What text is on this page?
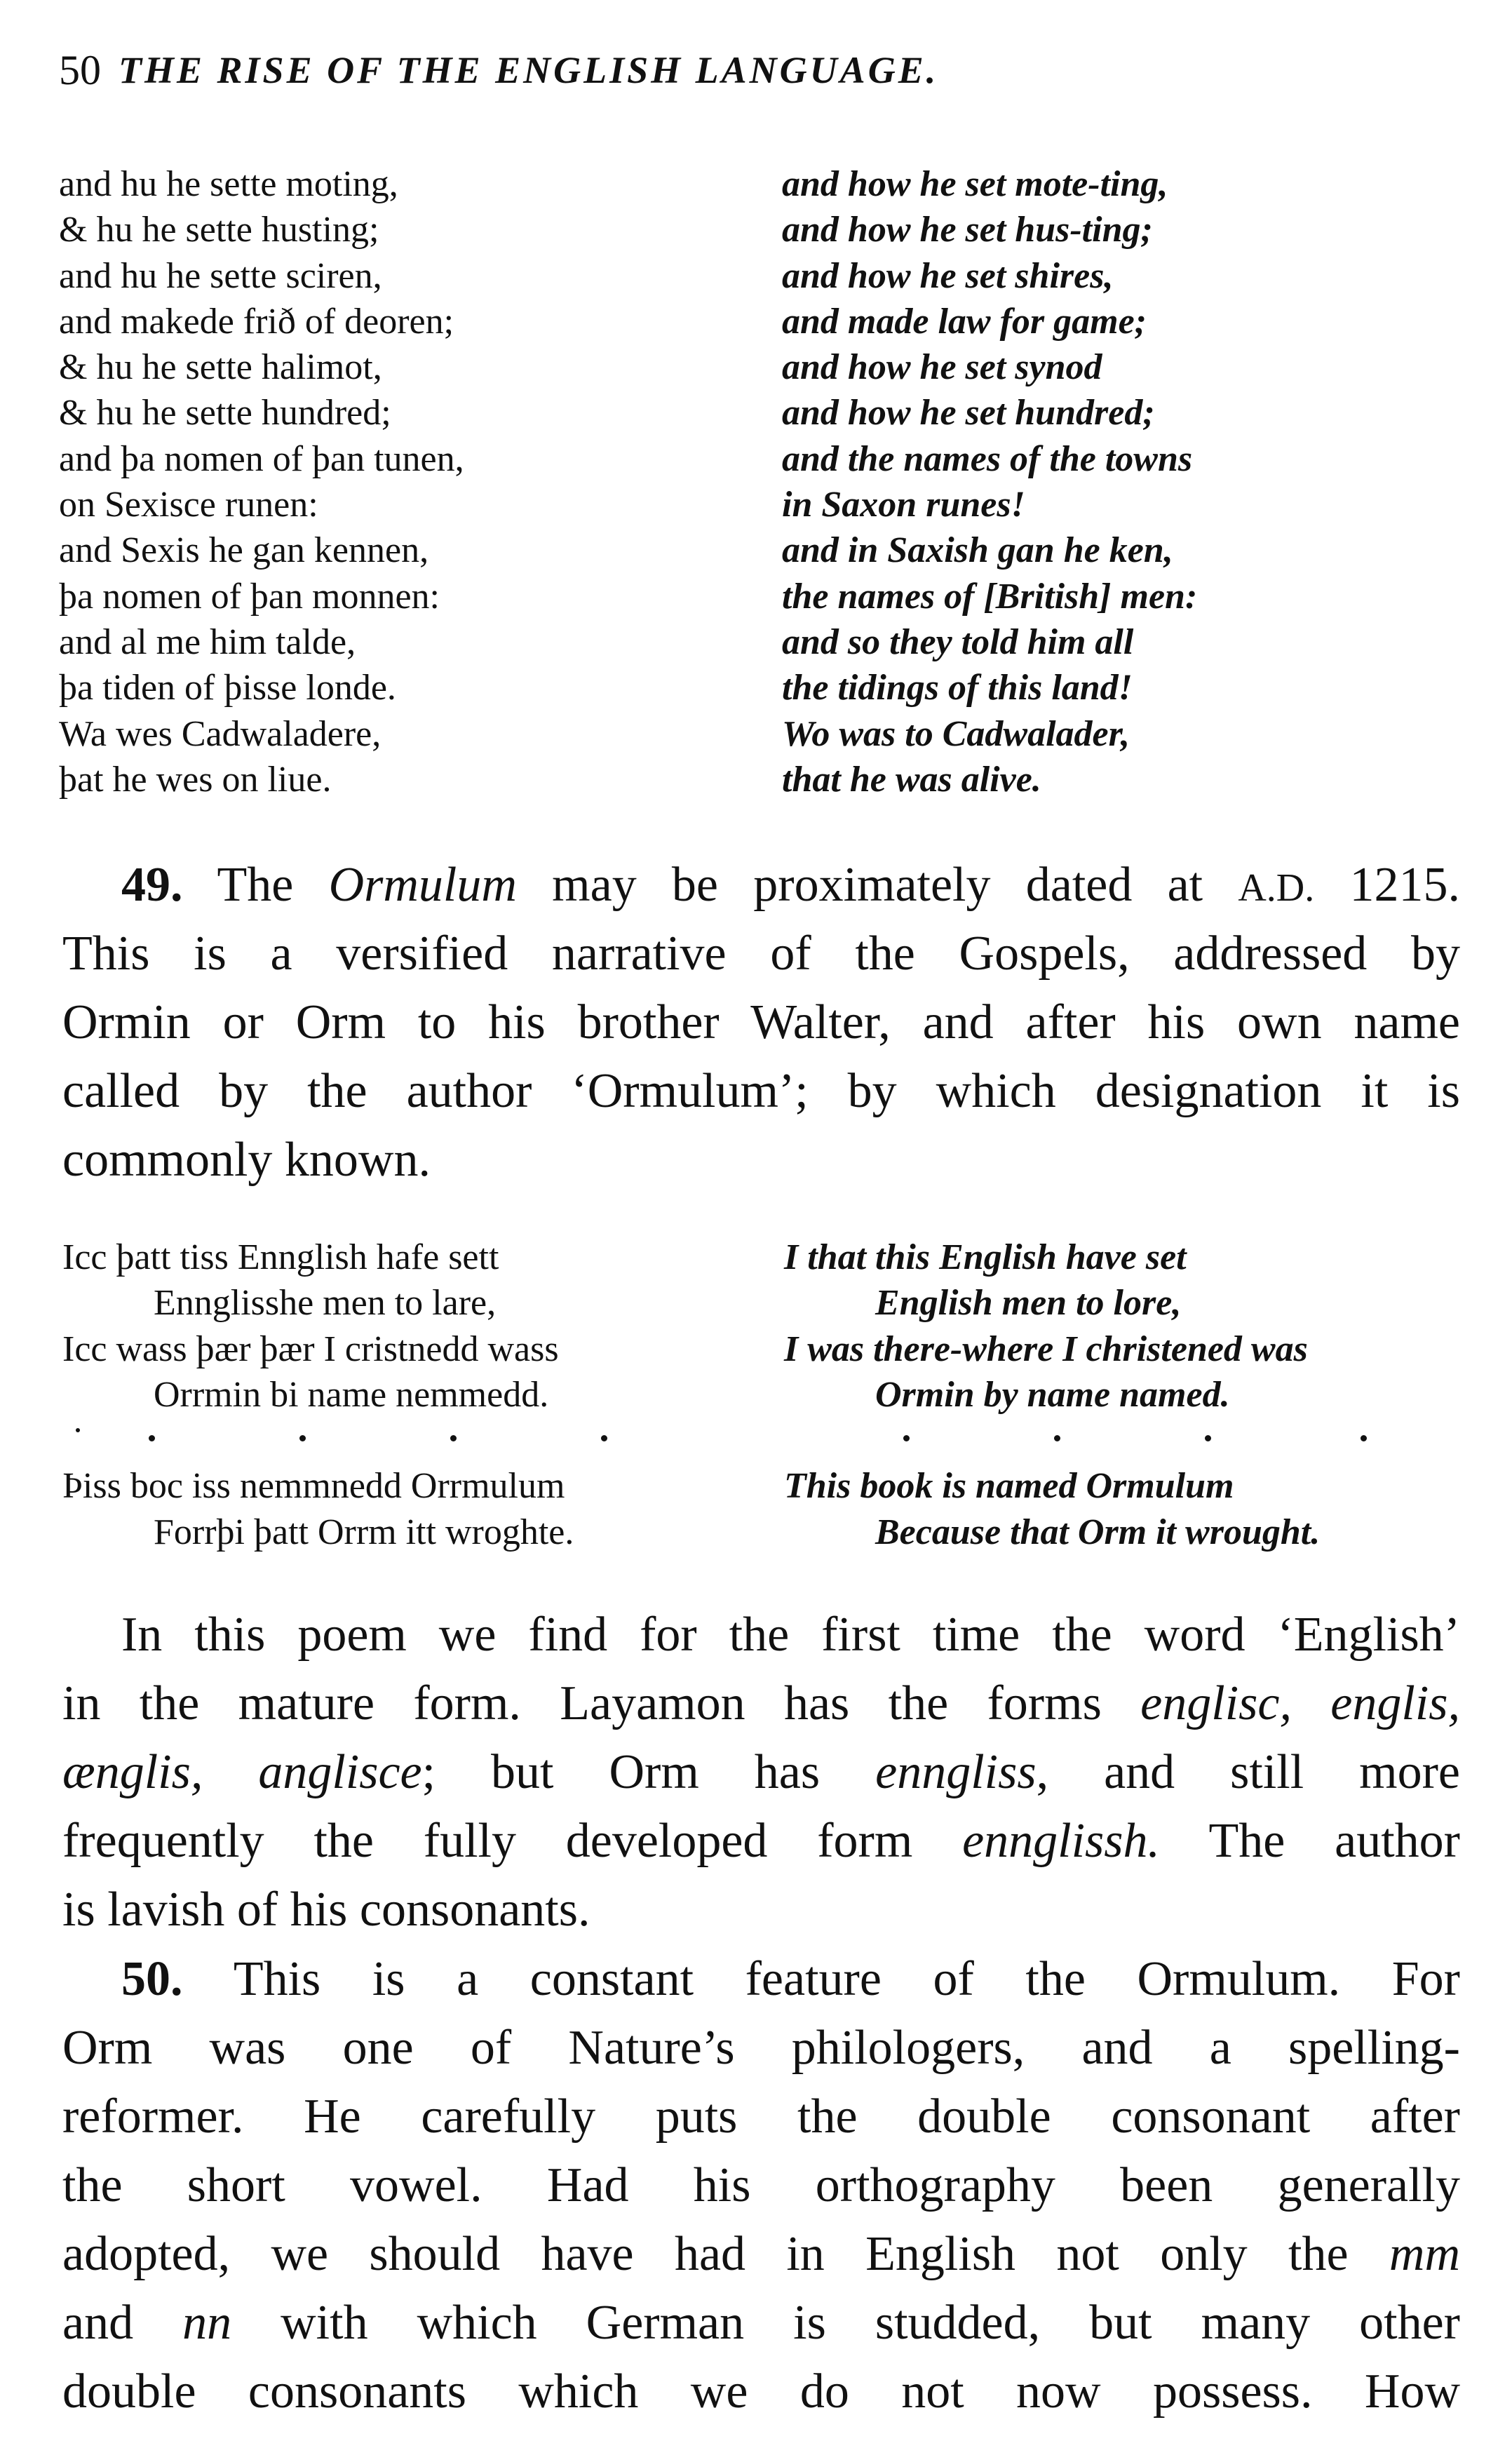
50 THE RISE OF THE ENGLISH LANGUAGE.
and hu he sette moting,
& hu he sette husting;
and hu he sette sciren,
and makede frið of deoren;
& hu he sette halimot,
& hu he sette hundred;
and þa nomen of þan tunen,
on Sexisce runen:
and Sexis he gan kennen,
þa nomen of þan monnen:
and al me him talde,
þa tiden of þisse londe.
Wa wes Cadwaladere,
þat he wes on liue.
and how he set mote-ting,
and how he set hus-ting;
and how he set shires,
and made law for game;
and how he set synod
and how he set hundred;
and the names of the towns
in Saxon runes!
and in Saxish gan he ken,
the names of [British] men:
and so they told him all
the tidings of this land!
Wo was to Cadwalader,
that he was alive.
49. The Ormulum may be proximately dated at A.D. 1215.
This is a versified narrative of the Gospels, addressed by
Ormin or Orm to his brother Walter, and after his own name
called by the author ‘Ormulum’; by which designation it is
commonly known.
Icc þatt tiss Ennglish hafe sett
Ennglisshe men to lare,
Icc wass þær þær I cristnedd wass
Orrmin bi name nemmedd.
Þiss boc iss nemmnedd Orrmulum
Forrþi þatt Orrm itt wroghte.
I that this English have set
English men to lore,
I was there-where I christened was
Ormin by name named.
This book is named Ormulum
Because that Orm it wrought.
In this poem we find for the first time the word ‘English’
in the mature form. Layamon has the forms englisc, englis,
ænglis, anglisce; but Orm has enngliss, and still more
frequently the fully developed form ennglissh. The author
is lavish of his consonants.
50. This is a constant feature of the Ormulum. For
Orm was one of Nature’s philologers, and a spelling-
reformer. He carefully puts the double consonant after
the short vowel. Had his orthography been generally
adopted, we should have had in English not only the mm
and nn with which German is studded, but many other
double consonants which we do not now possess. How
